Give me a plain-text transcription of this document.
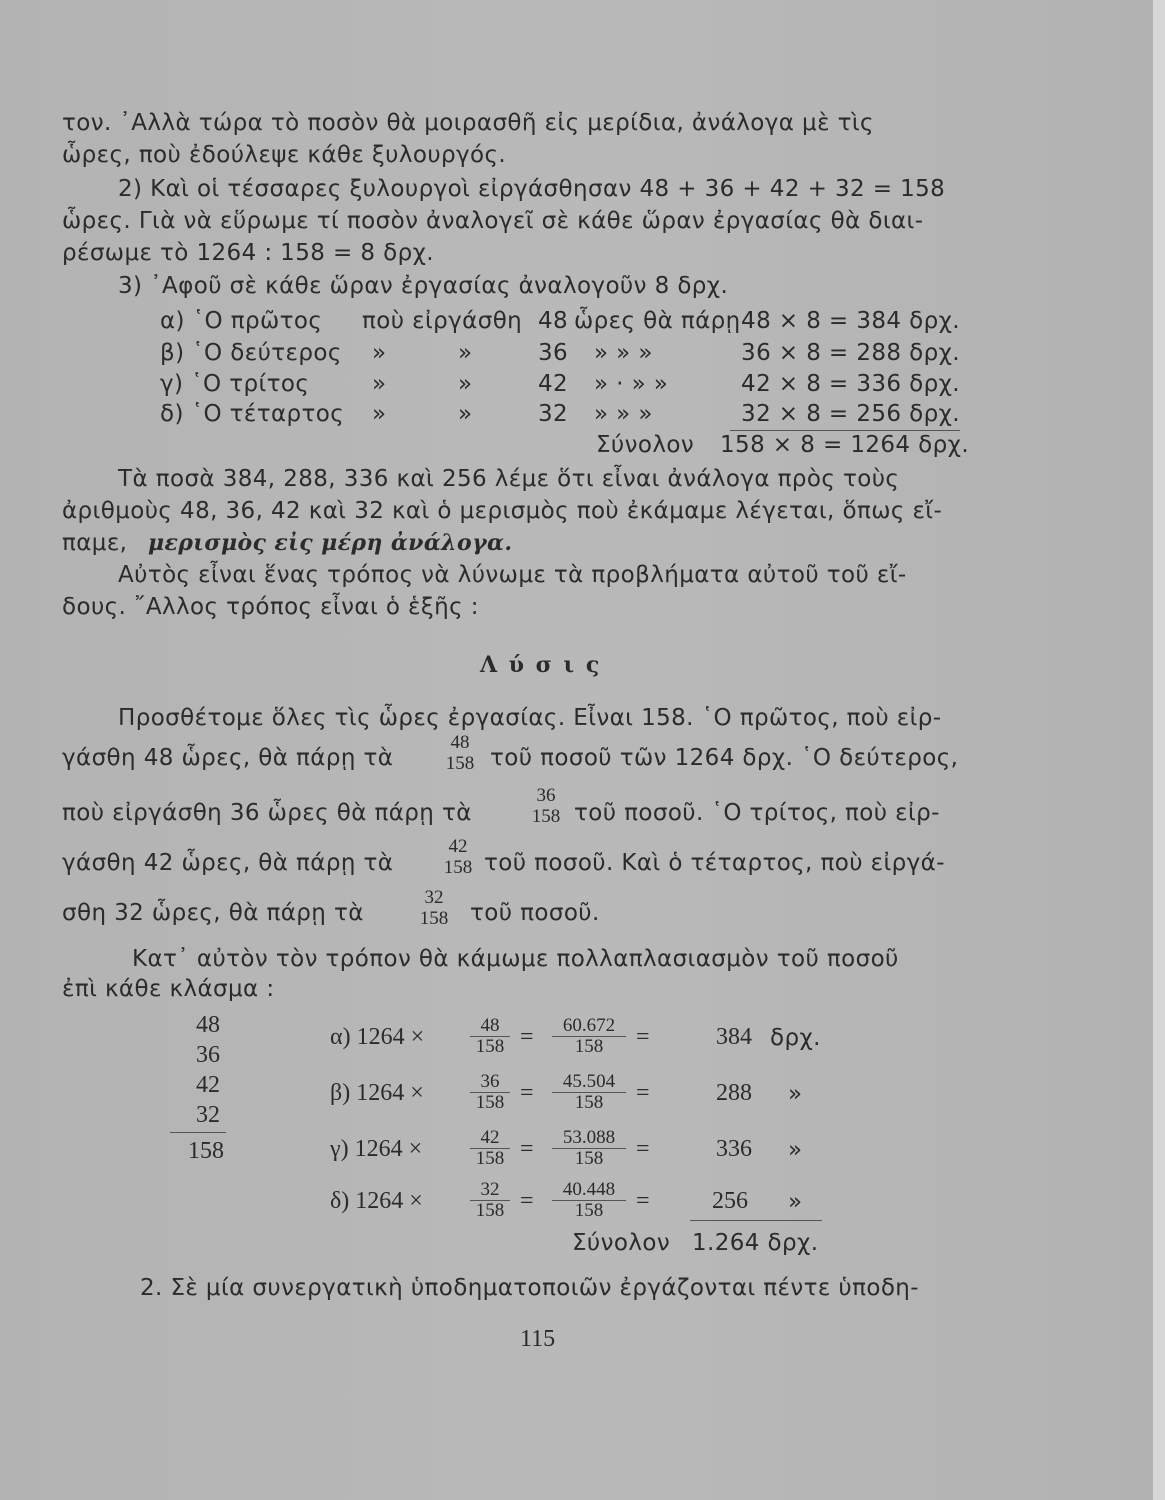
τον. ᾿Αλλὰ τώρα τὸ ποσὸν θὰ μοιρασθῆ εἰς μερίδια, ἀνάλογα μὲ τὶς
ὧρες, ποὺ ἐδούλεψε κάθε ξυλουργός.
2) Καὶ οἱ τέσσαρες ξυλουργοὶ εἰργάσθησαν 48 + 36 + 42 + 32 = 158
ὧρες. Γιὰ νὰ εὕρωμε τί ποσὸν ἀναλογεῖ σὲ κάθε ὥραν ἐργασίας θὰ διαι-
ρέσωμε τὸ 1264 : 158 = 8 δρχ.
3) ᾿Αφοῦ σὲ κάθε ὥραν ἐργασίας ἀναλογοῦν 8 δρχ.
α) ῾Ο πρῶτος ποὺ εἰργάσθη 48 ὧρες θὰ πάρῃ 48 × 8 = 384 δρχ.
β) ῾Ο δεύτερος »	»	36 » » »	36 × 8 = 288 δρχ.
γ) ῾Ο τρίτος	»	»	42 » · » »	42 × 8 = 336 δρχ.
δ) ῾Ο τέταρτος »	»	32 » » »	32 × 8 = 256 δρχ.
Σύνολον 158 × 8 = 1264 δρχ.
Τὰ ποσὰ 384, 288, 336 καὶ 256 λέμε ὅτι εἶναι ἀνάλογα πρὸς τοὺς
ἀριθμοὺς 48, 36, 42 καὶ 32 καὶ ὁ μερισμὸς ποὺ ἐκάμαμε λέγεται, ὅπως εἴ-
παμε, μερισμὸς εἰς μέρη ἀνάλογα.
Αὐτὸς εἶναι ἕνας τρόπος νὰ λύνωμε τὰ προβλήματα αὐτοῦ τοῦ εἴ-
δους. ῎Αλλος τρόπος εἶναι ὁ ἑξῆς :
Λ ύ σ ι ς
Προσθέτομε ὅλες τὶς ὧρες ἐργασίας. Εἶναι 158. ῾Ο πρῶτος, ποὺ εἰρ-
γάσθη 48 ὧρες, θὰ πάρῃ τὰ
48
158 τοῦ ποσοῦ τῶν 1264 δρχ. ῾Ο δεύτερος,
ποὺ εἰργάσθη 36 ὧρες θὰ πάρῃ τὰ
36
158 τοῦ ποσοῦ. ῾Ο τρίτος, ποὺ εἰρ-
γάσθη 42 ὧρες, θὰ πάρῃ τὰ
42
158 τοῦ ποσοῦ. Καὶ ὁ τέταρτος, ποὺ εἰργά-
σθη 32 ὧρες, θὰ πάρῃ τὰ
32
158 τοῦ ποσοῦ.
Κατ᾿ αὐτὸν τὸν τρόπον θὰ κάμωμε πολλαπλασιασμὸν τοῦ ποσοῦ
ἐπὶ κάθε κλάσμα :
48
36
42
32
158
α) $1264 \times \frac{48}{158} = \frac{60.672}{158}$ =	384 δρχ.
β) $1264 \times \frac{36}{158} = \frac{45.504}{158}$ =	288 »
γ) 1264 ×	$\frac{42}{158} = \frac{53.088}{158}$ =	336 »
δ) $1264 \times \frac{32}{158} = \frac{40.448}{158}$ =	256 »
Σύνολον 1.264 δρχ.
2. Σὲ μία συνεργατικὴ ὑποδηματοποιῶν ἐργάζονται πέντε ὑποδη-
115
